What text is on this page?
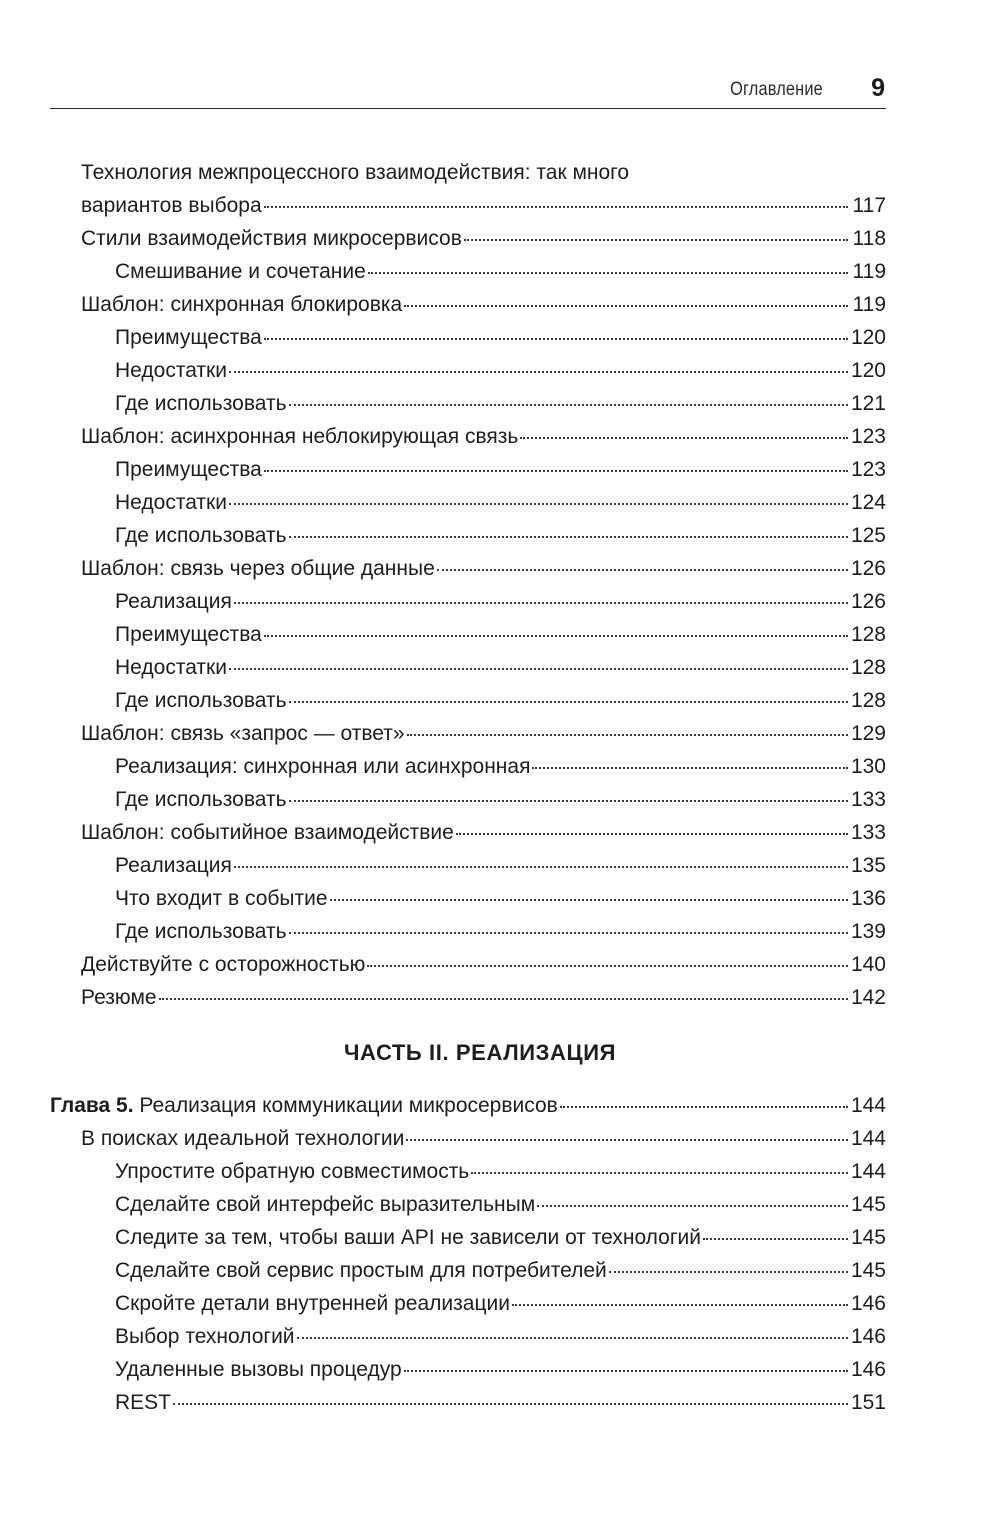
Оглавление 9
Технология межпроцессного взаимодействия: так много
вариантов выбора	117
Стили взаимодействия микросервисов	118
Смешивание и сочетание	119
Шаблон: синхронная блокировка	119
Преимущества	120
Недостатки	120
Где использовать	121
Шаблон: асинхронная неблокирующая связь	123
Преимущества	123
Недостатки	124
Где использовать	125
Шаблон: связь через общие данные	126
Реализация	126
Преимущества	128
Недостатки	128
Где использовать	128
Шаблон: связь «запрос — ответ»	129
Реализация: синхронная или асинхронная	130
Где использовать	133
Шаблон: событийное взаимодействие	133
Реализация	135
Что входит в событие	136
Где использовать	139
Действуйте с осторожностью	140
Резюме	142
ЧАСТЬ II. РЕАЛИЗАЦИЯ
Глава 5. Реализация коммуникации микросервисов	144
В поисках идеальной технологии	144
Упростите обратную совместимость	144
Сделайте свой интерфейс выразительным	145
Следите за тем, чтобы ваши API не зависели от технологий	145
Сделайте свой сервис простым для потребителей	145
Скройте детали внутренней реализации	146
Выбор технологий	146
Удаленные вызовы процедур	146
REST	151
